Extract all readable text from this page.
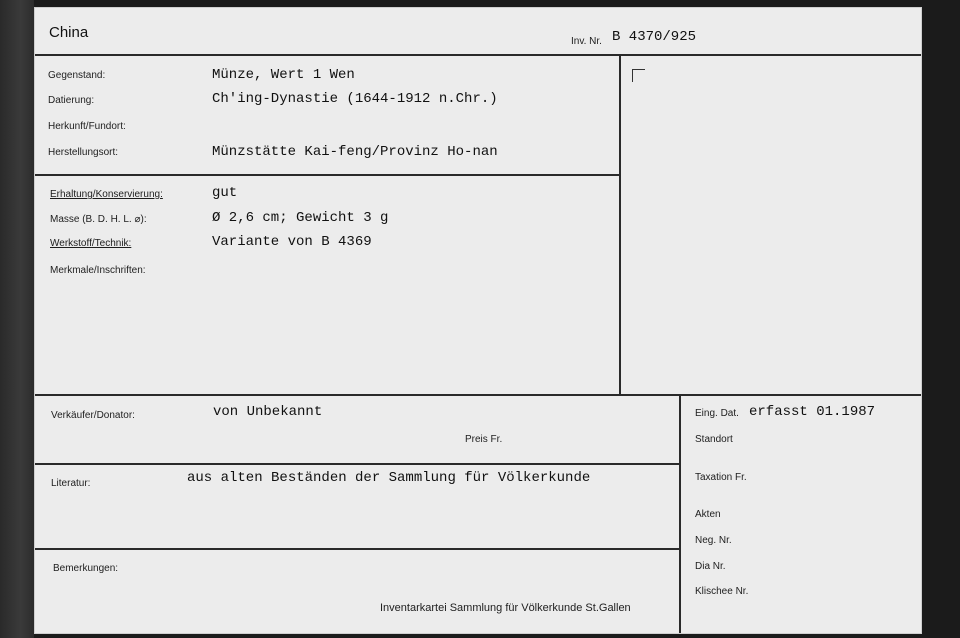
China
Inv. Nr. B 4370/925
Gegenstand:	Münze, Wert 1 Wen
Datierung:	Ch'ing-Dynastie (1644-1912 n.Chr.)
Herkunft/Fundort:
Herstellungsort:	Münzstätte Kai-feng/Provinz Ho-nan
Erhaltung/Konservierung:	gut
Masse (B. D. H. L. ⌀):	Ø 2,6 cm; Gewicht 3 g
Werkstoff/Technik:	Variante von B 4369
Merkmale/Inschriften:
Verkäufer/Donator:	von Unbekannt
Preis Fr.
Literatur:	aus alten Beständen der Sammlung für Völkerkunde
Bemerkungen:
Inventarkartei Sammlung für Völkerkunde St.Gallen
Eing. Dat. erfasst 01.1987
Standort
Taxation Fr.
Akten
Neg. Nr.
Dia Nr.
Klischee Nr.
